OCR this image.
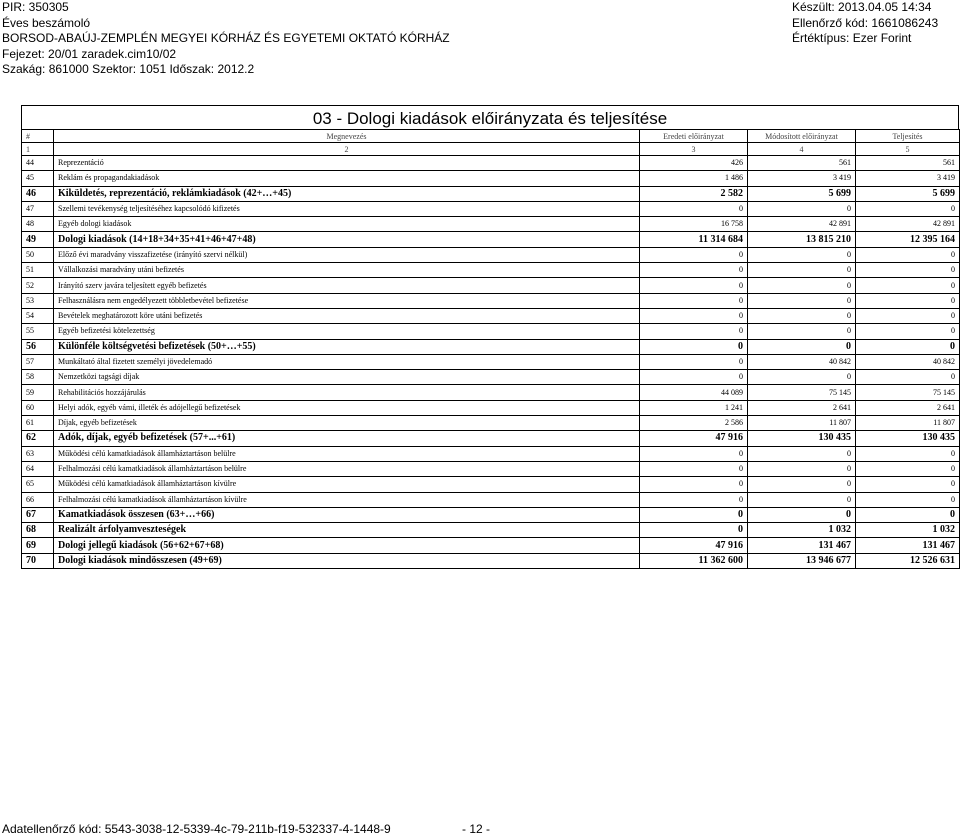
PIR: 350305
Éves beszámoló
BORSOD-ABAÚJ-ZEMPLÉN MEGYEI KÓRHÁZ ÉS EGYETEMI OKTATÓ KÓRHÁZ
Fejezet: 20/01 zaradek.cim10/02
Szakág: 861000 Szektor: 1051 Időszak: 2012.2
Készült: 2013.04.05 14:34
Ellenőrző kód: 1661086243
Értéktípus: Ezer Forint
03 - Dologi kiadások előirányzata és teljesítése
#	Megnevezés	Eredeti előirányzat	Módosított előirányzat	Teljesítés
1	2	3	4	5
44	Reprezentáció	426	561	561
45	Reklám és propagandakiadások	1 486	3 419	3 419
46	Kiküldetés, reprezentáció, reklámkiadások (42+…+45)	2 582	5 699	5 699
47	Szellemi tevékenység teljesítéséhez kapcsolódó kifizetés	0	0	0
48	Egyéb dologi kiadások	16 758	42 891	42 891
49	Dologi kiadások (14+18+34+35+41+46+47+48)	11 314 684	13 815 210	12 395 164
50	Előző évi maradvány visszafizetése (irányító szervi nélkül)	0	0	0
51	Vállalkozási maradvány utáni befizetés	0	0	0
52	Irányító szerv javára teljesített egyéb befizetés	0	0	0
53	Felhasználásra nem engedélyezett többletbevétel befizetése	0	0	0
54	Bevételek meghatározott köre utáni befizetés	0	0	0
55	Egyéb befizetési kötelezettség	0	0	0
56	Különféle költségvetési befizetések (50+…+55)	0	0	0
57	Munkáltató által fizetett személyi jövedelemadó	0	40 842	40 842
58	Nemzetközi tagsági díjak	0	0	0
59	Rehabilitációs hozzájárulás	44 089	75 145	75 145
60	Helyi adók, egyéb vámi, illeték és adójellegű befizetések	1 241	2 641	2 641
61	Díjak, egyéb befizetések	2 586	11 807	11 807
62	Adók, díjak, egyéb befizetések (57+...+61)	47 916	130 435	130 435
63	Működési célú kamatkiadások államháztartáson belülre	0	0	0
64	Felhalmozási célú kamatkiadások államháztartáson belülre	0	0	0
65	Működési célú kamatkiadások államháztartáson kívülre	0	0	0
66	Felhalmozási célú kamatkiadások államháztartáson kívülre	0	0	0
67	Kamatkiadások összesen (63+…+66)	0	0	0
68	Realizált árfolyamveszteségek	0	1 032	1 032
69	Dologi jellegű kiadások (56+62+67+68)	47 916	131 467	131 467
70	Dologi kiadások mindösszesen (49+69)	11 362 600	13 946 677	12 526 631
Adatellenőrző kód: 5543-3038-12-5339-4c-79-211b-f19-532337-4-1448-9	- 12 -
